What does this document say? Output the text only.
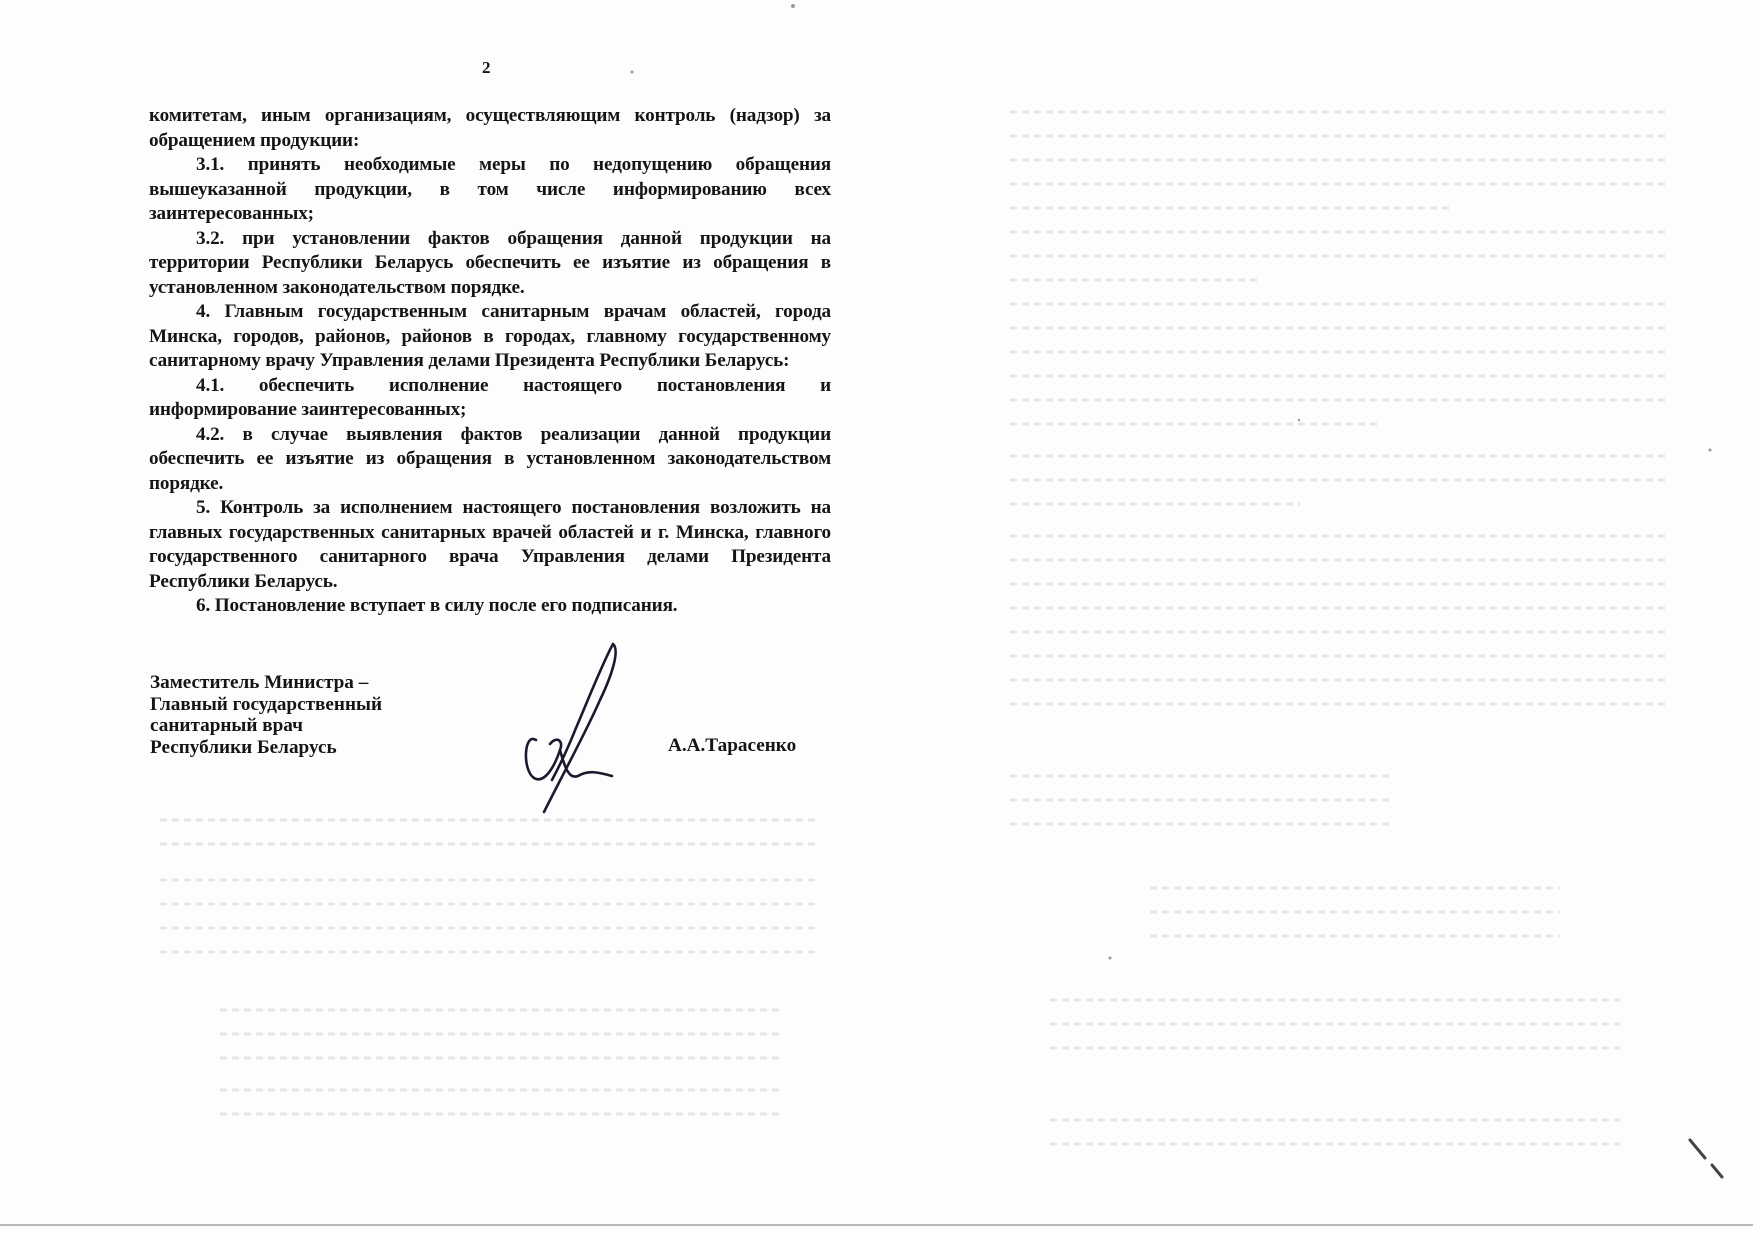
2

комитетам, иным организациям, осуществляющим контроль (надзор) за обращением продукции:

3.1. принять необходимые меры по недопущению обращения вышеуказанной продукции, в том числе информированию всех заинтересованных;

3.2. при установлении фактов обращения данной продукции на территории Республики Беларусь обеспечить ее изъятие из обращения в установленном законодательством порядке.

4. Главным государственным санитарным врачам областей, города Минска, городов, районов, районов в городах, главному государственному санитарному врачу Управления делами Президента Республики Беларусь:

4.1. обеспечить исполнение настоящего постановления и информирование заинтересованных;

4.2. в случае выявления фактов реализации данной продукции обеспечить ее изъятие из обращения в установленном законодательством порядке.

5. Контроль за исполнением настоящего постановления возложить на главных государственных санитарных врачей областей и г. Минска, главного государственного санитарного врача Управления делами Президента Республики Беларусь.

6. Постановление вступает в силу после его подписания.

Заместитель Министра –
Главный государственный
санитарный врач
Республики Беларусь	А.А.Тарасенко
